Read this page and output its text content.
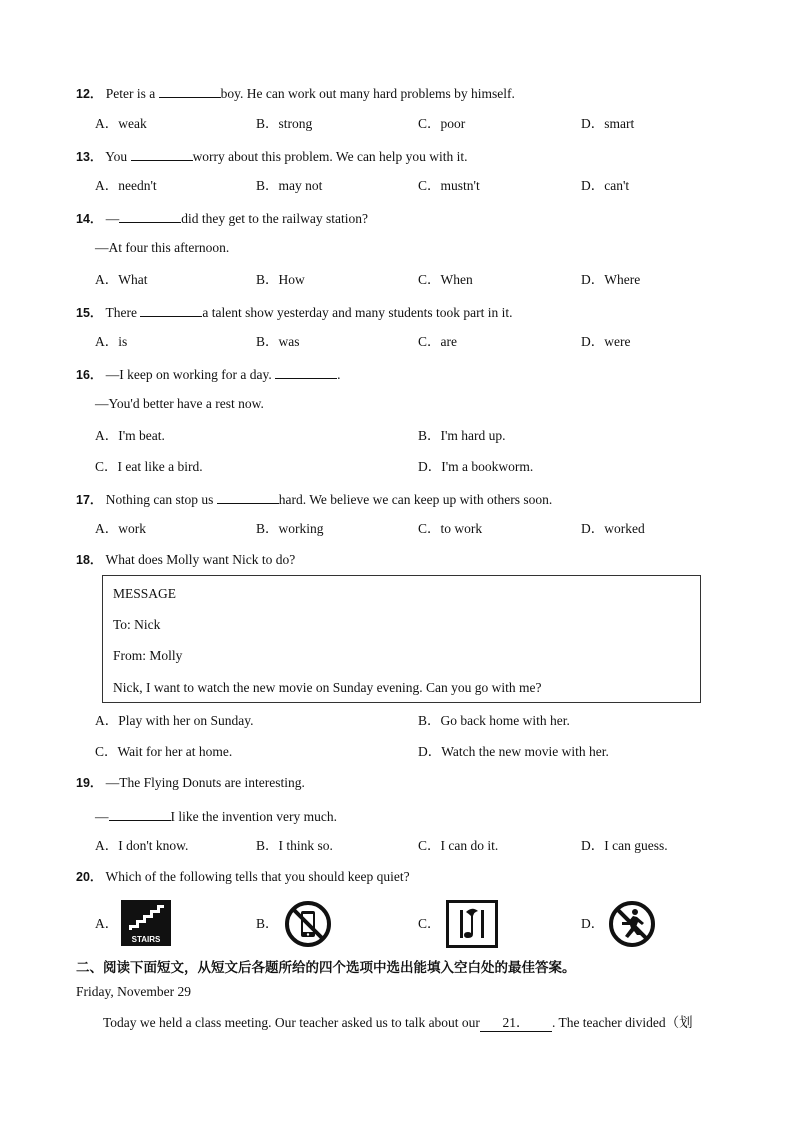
12． Peter is a	boy. He can work out many hard problems by himself.
A．weak	B．strong	C．poor	D．smart
13． You	worry about this problem. We can help you with it.
A．needn't	B．may not	C．mustn't	D．can't
14． —	did they get to the railway station?
—At four this afternoon.
A．What	B．How	C．When	D．Where
15． There	a talent show yesterday and many students took part in it.
A．is	B．was	C．are	D．were
16． —I keep on working for a day.	.
—You'd better have a rest now.
A．I'm beat.	B．I'm hard up.
C．I eat like a bird.	D．I'm a bookworm.
17． Nothing can stop us	hard. We believe we can keep up with others soon.
A．work	B．working	C．to work	D．worked
18． What does Molly want Nick to do?
MESSAGE
To: Nick
From: Molly
Nick, I want to watch the new movie on Sunday evening. Can you go with me?
A．Play with her on Sunday.	B．Go back home with her.
C．Wait for her at home.	D．Watch the new movie with her.
19． —The Flying Donuts are interesting.
—	I like the invention very much.
A．I don't know.	B．I think so.	C．I can do it.	D．I can guess.
20． Which of the following tells that you should keep quiet?
A．	B．	C．	D．
STAIRS
二、阅读下面短文，从短文后各题所给的四个选项中选出能填入空白处的最佳答案。
Friday, November 29
Today we held a class meeting. Our teacher asked us to talk about our 21． . The teacher divided（划
